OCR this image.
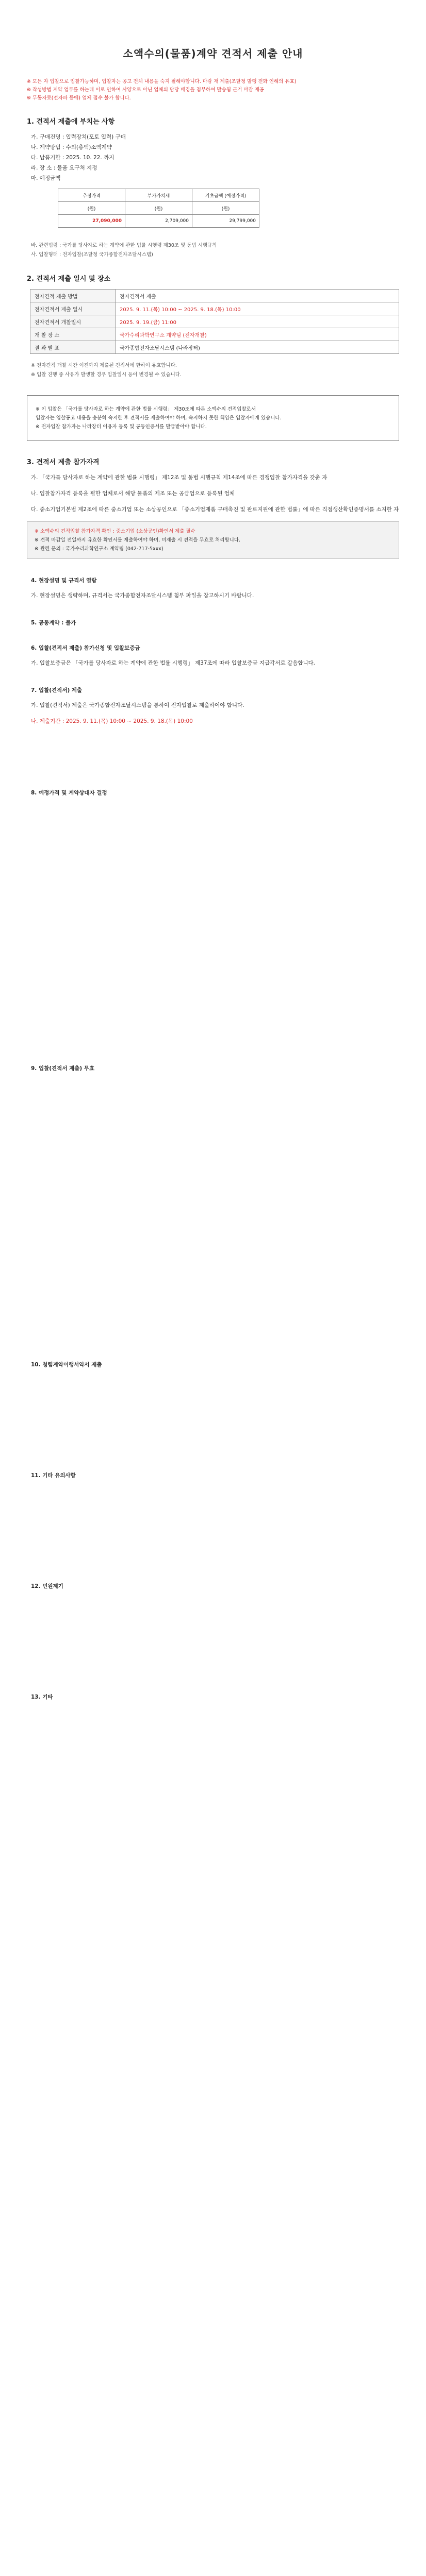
소액수의(물품)계약 견적서 제출 안내
※ 모든 자 입찰으로 입찰가능하며, 입찰자는 공고 전체 내용을 숙지 필해야합니다. 마감 재 제출(조달청 발행 전화 인해의 유효)
※ 작성방법 계약 업무를 하는데 이로 인하여 사양으로 아닌 업체의 담당 배경을 첨부하여 발송됨 근거 마감 제공
※ 무통자료(전자파 등에) 업체 접수 불가 합니다.
1. 견적서 제출에 부치는 사항
가. 구매건명 : 입력장치(포토 입력) 구매
나. 계약방법 : 수의(총액)소액계약
다. 납품기한 : 2025. 10. 22. 까지
라. 장 소 : 물품 요구처 지정
마. 예정금액
추정가격	부가가치세	기초금액 (예정가격)
(원)	(원)	(원)
27,090,000	2,709,000	29,799,000
바. 관련법령 : 국가를 당사자로 하는 계약에 관한 법률 시행령 제30조 및 동법 시행규칙
사. 입찰형태 : 전자입찰(조달청 국가종합전자조달시스템)
2. 견적서 제출 일시 및 장소
전자견적 제출 방법	전자견적서 제출
전자견적서 제출 일시	2025. 9. 11.(목) 10:00 ~ 2025. 9. 18.(목) 10:00
전자견적서 개찰일시	2025. 9. 19.(금) 11:00
개 찰 장 소	국가수리과학연구소 계약팀 (전자개찰)
결 과 발 표	국가종합전자조달시스템 (나라장터)
※ 전자견적 개찰 시간 이전까지 제출된 견적서에 한하여 유효합니다.
※ 입찰 진행 중 사유가 발생할 경우 입찰일시 등이 변경될 수 있습니다.
※ 이 입찰은 「국가를 당사자로 하는 계약에 관한 법률 시행령」 제30조에 따른 소액수의 견적입찰로서
입찰자는 입찰공고 내용을 충분히 숙지한 후 견적서를 제출하여야 하며, 숙지하지 못한 책임은 입찰자에게 있습니다.
※ 전자입찰 참가자는 나라장터 이용자 등록 및 공동인증서를 발급받아야 합니다.
3. 견적서 제출 참가자격
가. 「국가를 당사자로 하는 계약에 관한 법률 시행령」 제12조 및 동법 시행규칙 제14조에 따른 경쟁입찰 참가자격을 갖춘 자
나. 입찰참가자격 등록을 필한 업체로서 해당 물품의 제조 또는 공급업으로 등록된 업체
다. 중소기업기본법 제2조에 따른 중소기업 또는 소상공인으로 「중소기업제품 구매촉진 및 판로지원에 관한 법률」에 따른 직접생산확인증명서를 소지한 자
※ 소액수의 견적입찰 참가자격 확인 : 중소기업 (소상공인)확인서 제출 필수
※ 견적 마감일 전일까지 유효한 확인서를 제출하여야 하며, 미제출 시 견적을 무효로 처리합니다.
※ 관련 문의 : 국가수리과학연구소 계약팀 (042-717-5xxx)
4. 현장설명 및 규격서 열람
가. 현장설명은 생략하며, 규격서는 국가종합전자조달시스템 첨부 파일을 참고하시기 바랍니다.
5. 공동계약 : 불가
6. 입찰(견적서 제출) 참가신청 및 입찰보증금
가. 입찰보증금은 「국가를 당사자로 하는 계약에 관한 법률 시행령」 제37조에 따라 입찰보증금 지급각서로 갈음합니다.
7. 입찰(견적서) 제출
가. 입찰(견적서) 제출은 국가종합전자조달시스템을 통하여 전자입찰로 제출하여야 합니다.
나. 제출기간 : 2025. 9. 11.(목) 10:00 ~ 2025. 9. 18.(목) 10:00
8. 예정가격 및 계약상대자 결정
9. 입찰(견적서 제출) 무효
10. 청렴계약이행서약서 제출
11. 기타 유의사항
12. 민원제기
13. 기타
